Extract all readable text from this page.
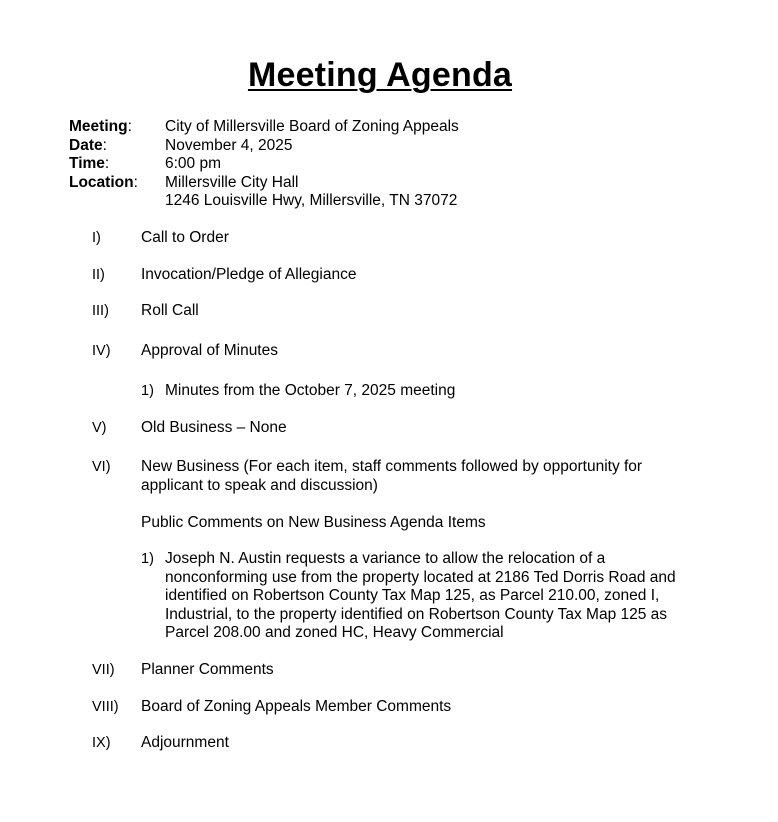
Meeting Agenda
Meeting:	City of Millersville Board of Zoning Appeals
Date:	November 4, 2025
Time:	6:00 pm
Location:	Millersville City Hall
1246 Louisville Hwy, Millersville, TN 37072
I)	Call to Order
II) Invocation/Pledge of Allegiance
III) Roll Call
IV) Approval of Minutes
1) Minutes from the October 7, 2025 meeting
V) Old Business – None
VI) New Business (For each item, staff comments followed by opportunity for
applicant to speak and discussion)
Public Comments on New Business Agenda Items
1) Joseph N. Austin requests a variance to allow the relocation of a
nonconforming use from the property located at 2186 Ted Dorris Road and
identified on Robertson County Tax Map 125, as Parcel 210.00, zoned I,
Industrial, to the property identified on Robertson County Tax Map 125 as
Parcel 208.00 and zoned HC, Heavy Commercial
VII) Planner Comments
VIII) Board of Zoning Appeals Member Comments
IX) Adjournment
